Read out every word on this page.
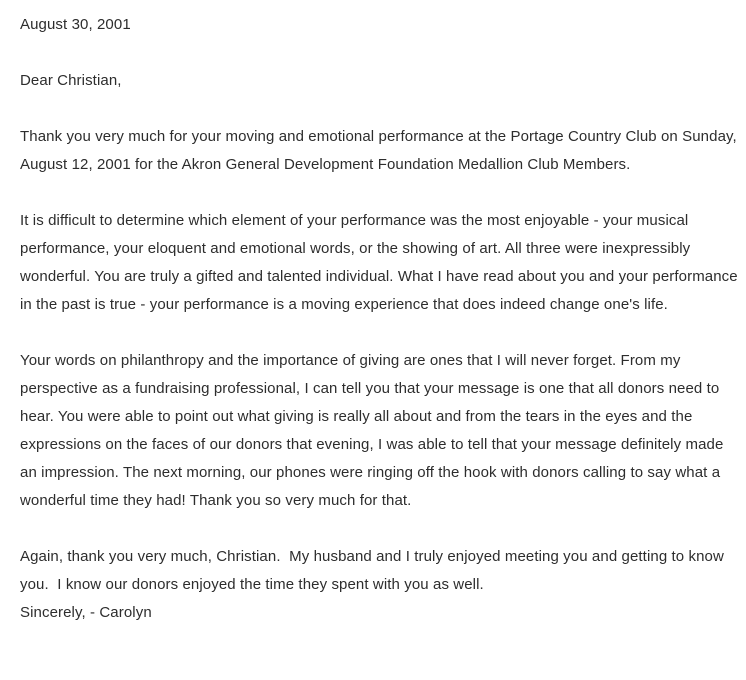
August 30, 2001

Dear Christian,

Thank you very much for your moving and emotional performance at the Portage Country Club on Sunday, August 12, 2001 for the Akron General Development Foundation Medallion Club Members.

It is difficult to determine which element of your performance was the most enjoyable - your musical performance, your eloquent and emotional words, or the showing of art. All three were inexpressibly wonderful. You are truly a gifted and talented individual. What I have read about you and your performance in the past is true - your performance is a moving experience that does indeed change one's life.

Your words on philanthropy and the importance of giving are ones that I will never forget. From my perspective as a fundraising professional, I can tell you that your message is one that all donors need to hear. You were able to point out what giving is really all about and from the tears in the eyes and the expressions on the faces of our donors that evening, I was able to tell that your message definitely made an impression. The next morning, our phones were ringing off the hook with donors calling to say what a wonderful time they had! Thank you so very much for that.

Again, thank you very much, Christian.  My husband and I truly enjoyed meeting you and getting to know you.  I know our donors enjoyed the time they spent with you as well.

Sincerely, - Carolyn
